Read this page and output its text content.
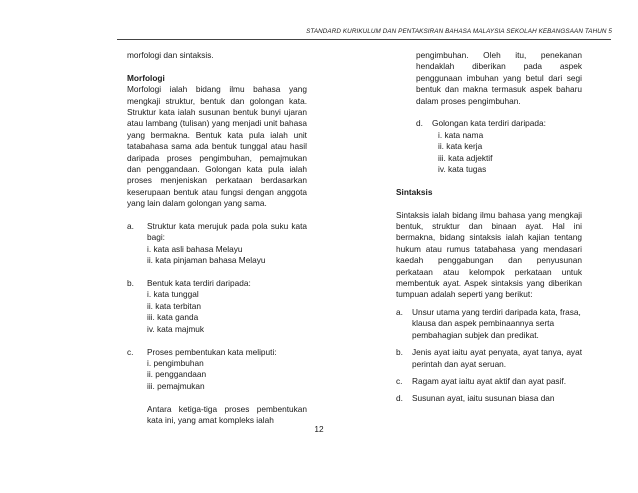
STANDARD KURIKULUM DAN PENTAKSIRAN BAHASA MALAYSIA SEKOLAH KEBANGSAAN TAHUN 5

morfologi dan sintaksis.

Morfologi

Morfologi ialah bidang ilmu bahasa yang mengkaji struktur, bentuk dan golongan kata. Struktur kata ialah susunan bentuk bunyi ujaran atau lambang (tulisan) yang menjadi unit bahasa yang bermakna. Bentuk kata pula ialah unit tatabahasa sama ada bentuk tunggal atau hasil daripada proses pengimbuhan, pemajmukan dan penggandaan. Golongan kata pula ialah proses menjeniskan perkataan berdasarkan keserupaan bentuk atau fungsi dengan anggota yang lain dalam golongan yang sama.

a.	Struktur kata merujuk pada pola suku kata bagi:

i. kata asli bahasa Melayu

ii. kata pinjaman bahasa Melayu

b.	Bentuk kata terdiri daripada:

i. kata tunggal

ii. kata terbitan

iii. kata ganda

iv. kata majmuk

c.	Proses pembentukan kata meliputi:

i. pengimbuhan

ii. penggandaan

iii. pemajmukan

Antara ketiga-tiga proses pembentukan kata ini, yang amat kompleks ialah

pengimbuhan. Oleh itu, penekanan hendaklah diberikan pada aspek penggunaan imbuhan yang betul dari segi bentuk dan makna termasuk aspek baharu dalam proses pengimbuhan.

d.	Golongan kata terdiri daripada:

i. kata nama

ii. kata kerja

iii. kata adjektif

iv. kata tugas

Sintaksis

Sintaksis ialah bidang ilmu bahasa yang mengkaji bentuk, struktur dan binaan ayat. Hal ini bermakna, bidang sintaksis ialah kajian tentang hukum atau rumus tatabahasa yang mendasari kaedah penggabungan dan penyusunan perkataan atau kelompok perkataan untuk membentuk ayat. Aspek sintaksis yang diberikan tumpuan adalah seperti yang berikut:

a.	Unsur utama yang terdiri daripada kata, frasa, klausa dan aspek pembinaannya serta pembahagian subjek dan predikat.
b.	Jenis ayat iaitu ayat penyata, ayat tanya, ayat perintah dan ayat seruan.
c.	Ragam ayat iaitu ayat aktif dan ayat pasif.
d.	Susunan ayat, iaitu susunan biasa dan
12
